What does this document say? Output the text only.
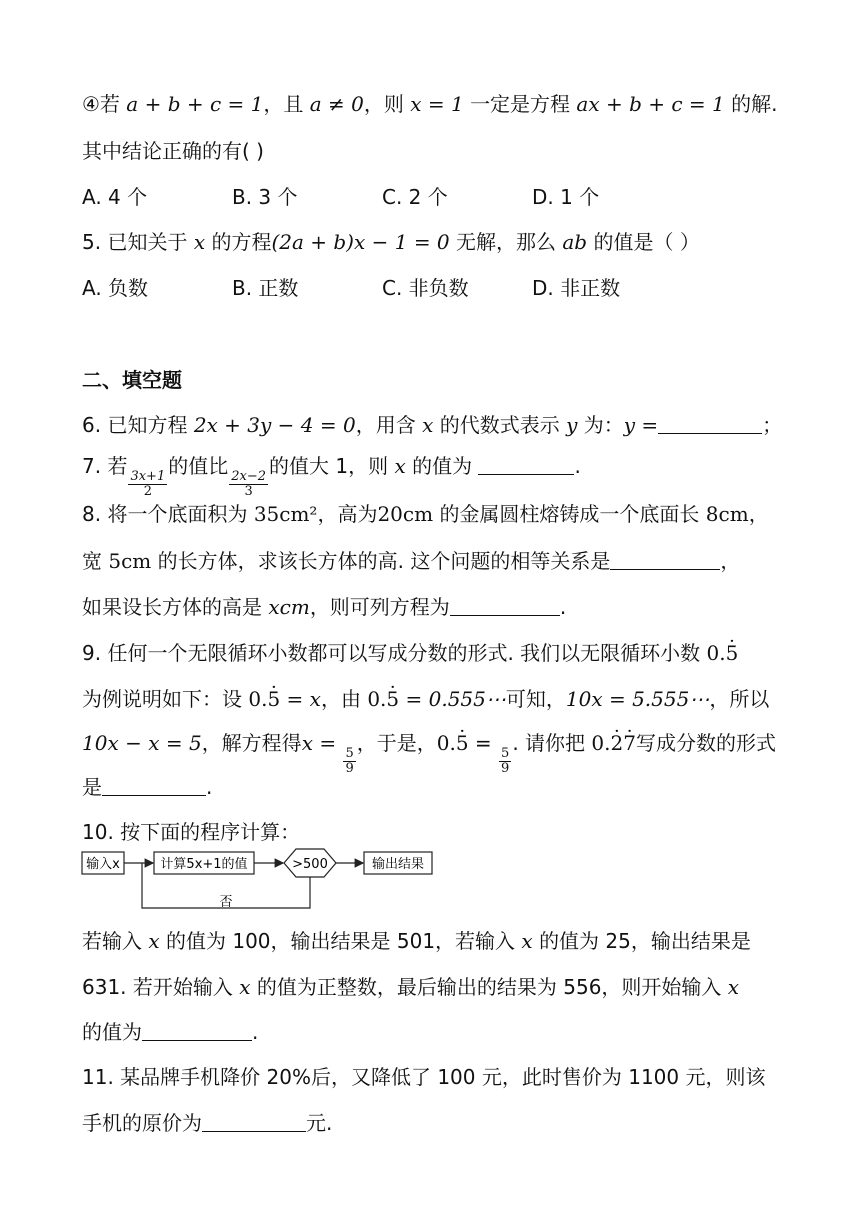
④若 a + b + c = 1，且 a ≠ 0，则 x = 1 一定是方程 ax + b + c = 1 的解.
其中结论正确的有( )
A. 4 个	B. 3 个	C. 2 个	D. 1 个
5. 已知关于 x 的方程(2a + b)x − 1 = 0 无解，那么 ab 的值是（ ）
A. 负数	B. 正数	C. 非负数	D. 非正数
二、填空题
6. 已知方程 2x + 3y − 4 = 0，用含 x 的代数式表示 y 为：y =	；
7. 若
$\frac{3x+1}{2}$
的值比
$\frac{2x-2}{3}$
的值大 1，则 x 的值为	.
8. 将一个底面积为 35cm²，高为20cm 的金属圆柱熔铸成一个底面长 8cm，
宽 5cm 的长方体，求该长方体的高. 这个问题的相等关系是	，
如果设长方体的高是 xcm，则可列方程为	.
9. 任何一个无限循环小数都可以写成分数的形式. 我们以无限循环小数 0.5 ·
为例说明如下：设 0.5 · = x，由 0.5 · = 0.555⋯可知，10x = 5.555⋯，所以
10x − x = 5，解方程得x =
$\frac{5}{9}$
，于是，0.5 · =
$\frac{5}{9}$
. 请你把 0.2 ·7 ·写成分数的形式
是	.
10. 按下面的程序计算：
输入x	计算5x+1的值	>500	输出结果
否
若输入 x 的值为 100，输出结果是 501，若输入 x 的值为 25，输出结果是
631. 若开始输入 x 的值为正整数，最后输出的结果为 556，则开始输入 x
的值为	.
11. 某品牌手机降价 20%后，又降低了 100 元，此时售价为 1100 元，则该
手机的原价为	元.
